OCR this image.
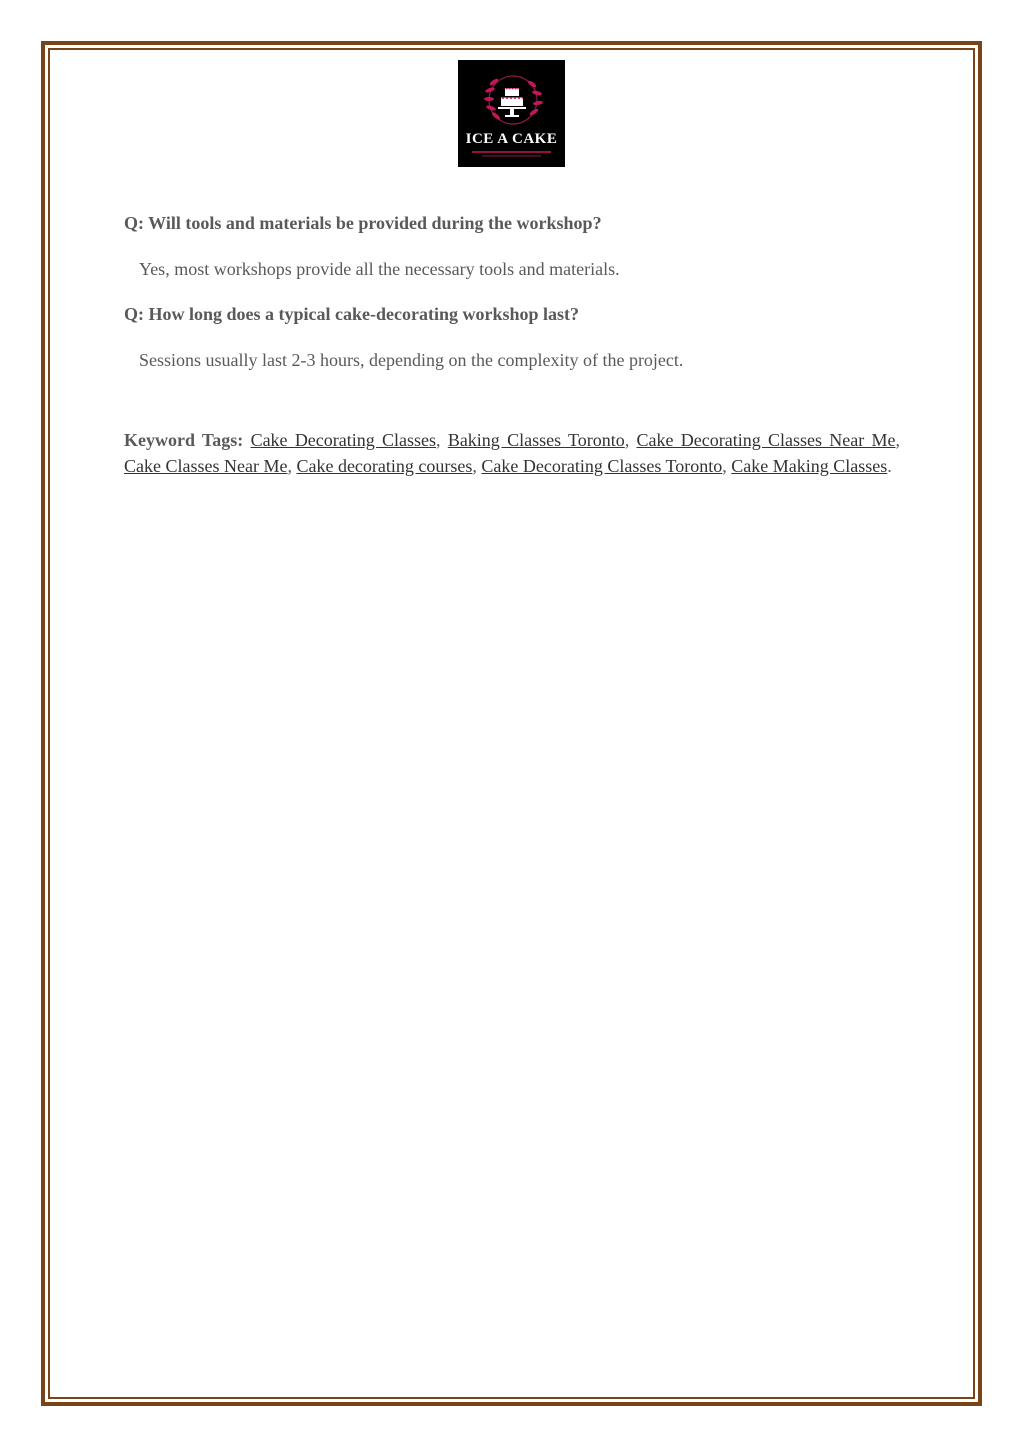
ICE A CAKE

Q: Will tools and materials be provided during the workshop?

Yes, most workshops provide all the necessary tools and materials.

Q: How long does a typical cake-decorating workshop last?

Sessions usually last 2-3 hours, depending on the complexity of the project.

Keyword Tags: Cake Decorating Classes, Baking Classes Toronto, Cake Decorating Classes Near Me, Cake Classes Near Me, Cake decorating courses, Cake Decorating Classes Toronto, Cake Making Classes.
